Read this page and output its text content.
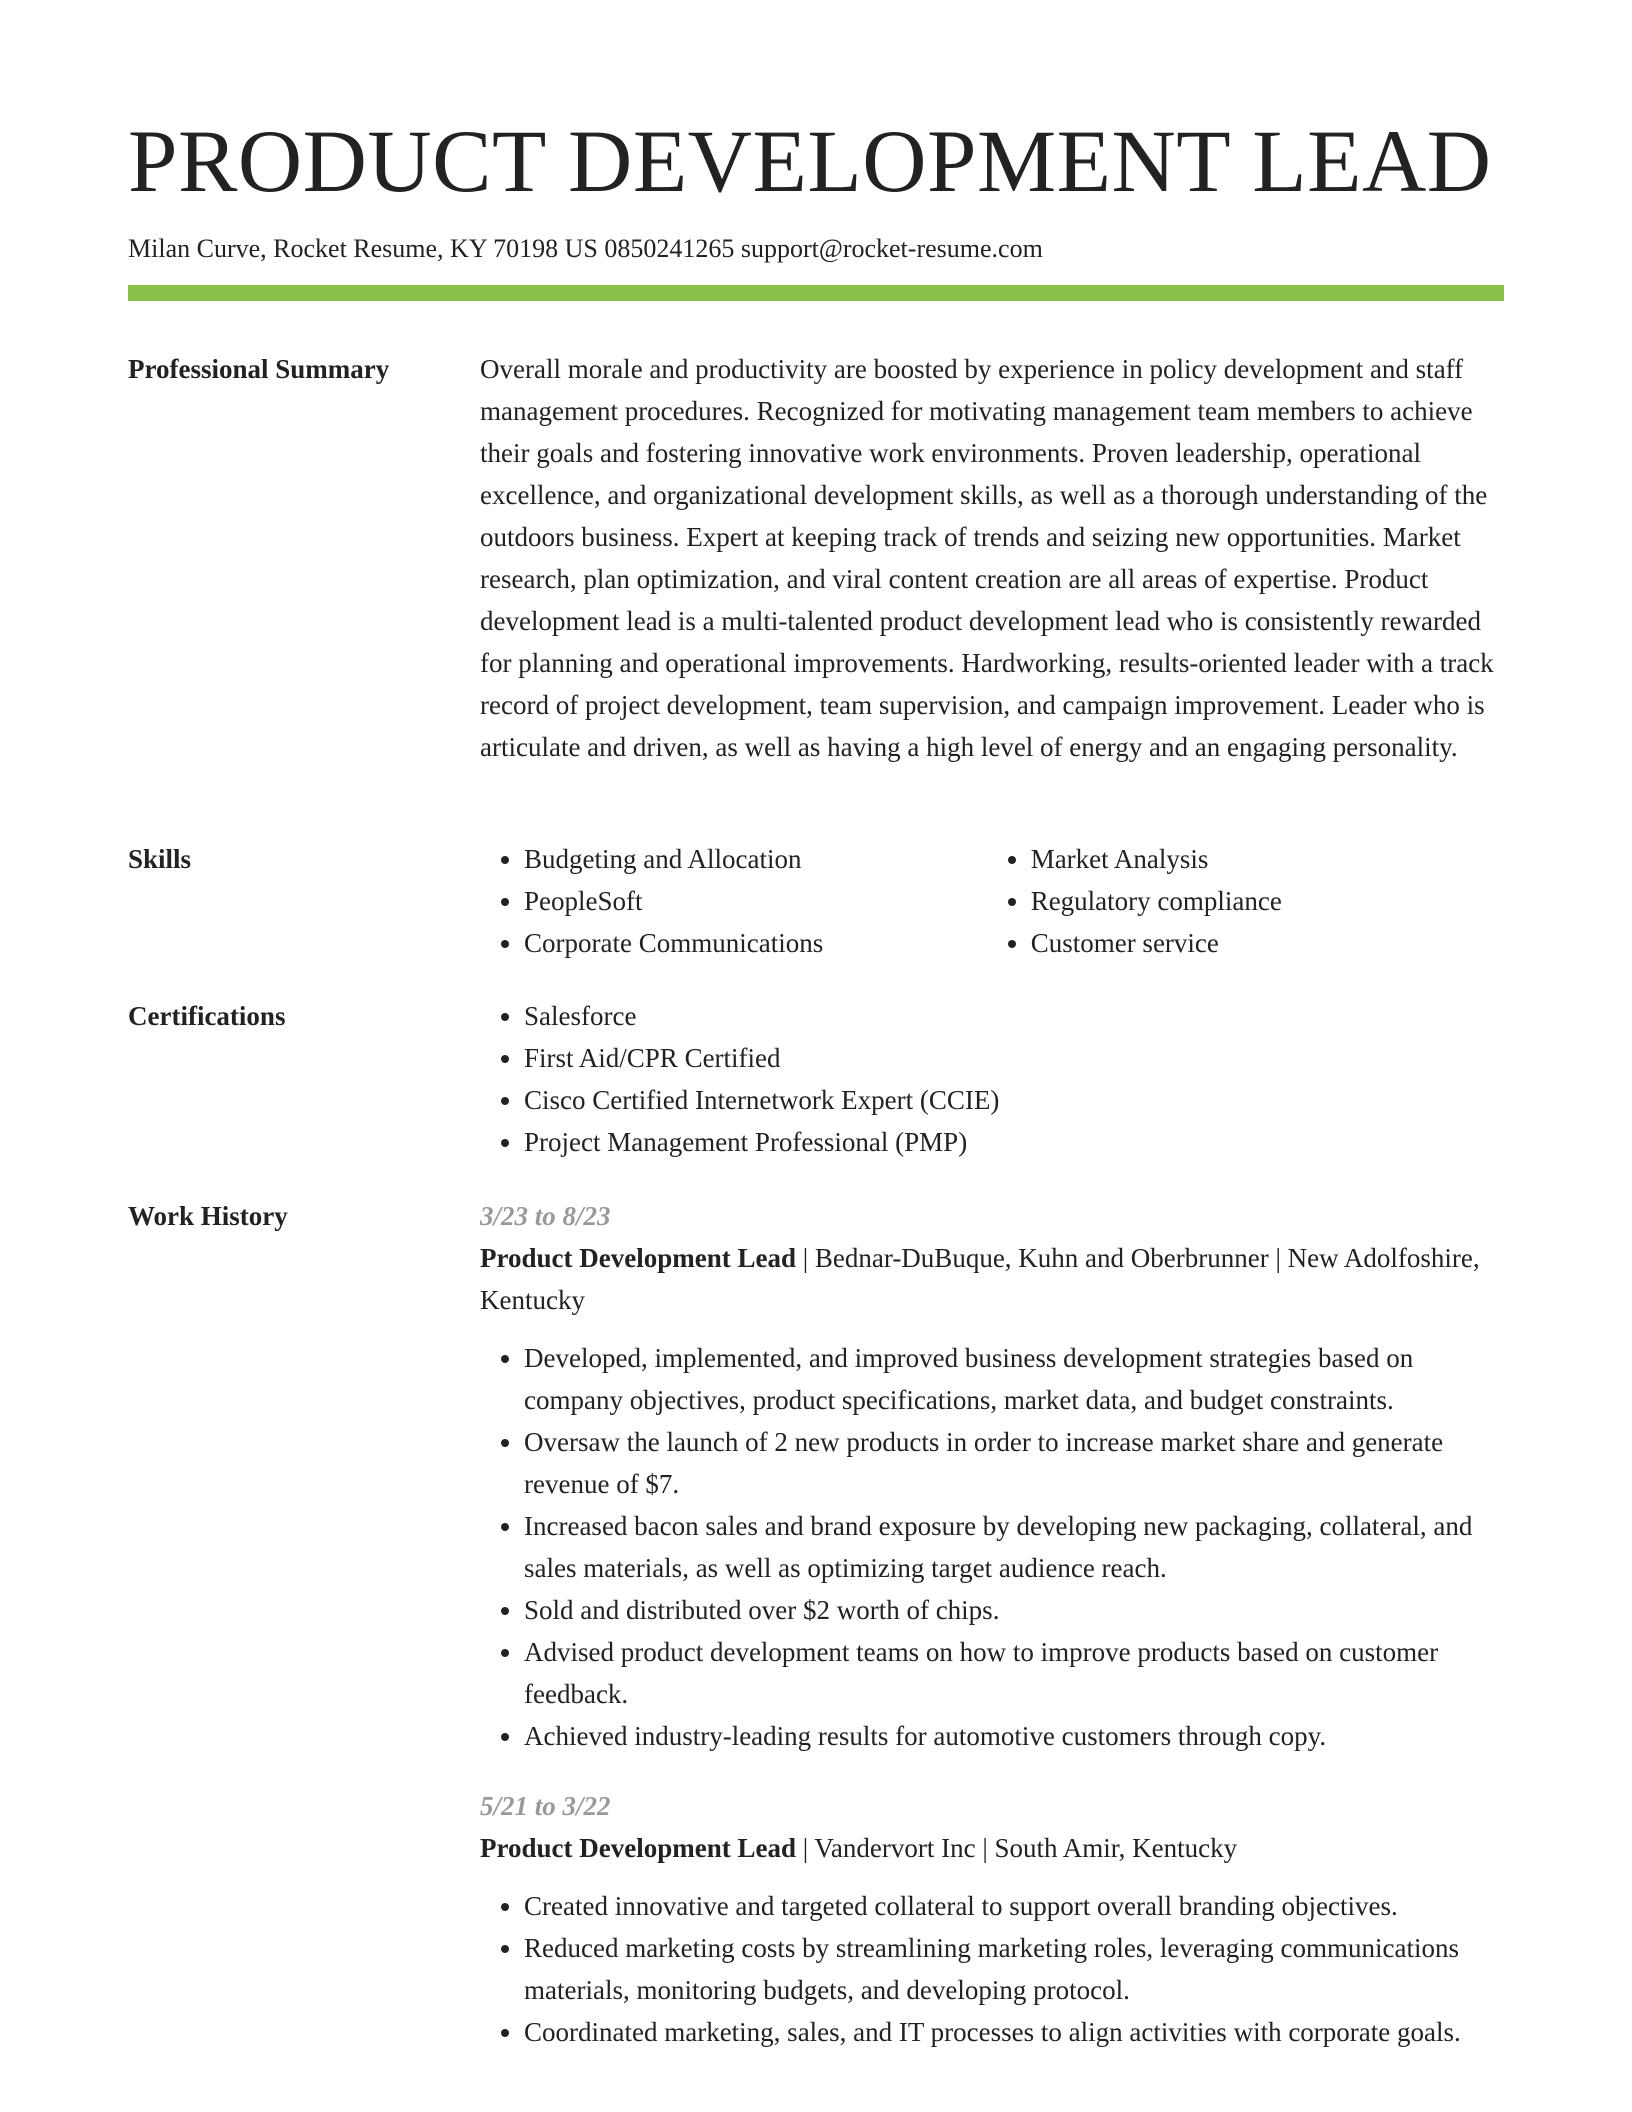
PRODUCT DEVELOPMENT LEAD
Milan Curve, Rocket Resume, KY 70198 US 0850241265 support@rocket-resume.com
Professional Summary	Overall morale and productivity are boosted by experience in policy development and staff management procedures. Recognized for motivating management team members to achieve their goals and fostering innovative work environments. Proven leadership, operational excellence, and organizational development skills, as well as a thorough understanding of the outdoors business. Expert at keeping track of trends and seizing new opportunities. Market research, plan optimization, and viral content creation are all areas of expertise. Product development lead is a multi-talented product development lead who is consistently rewarded for planning and operational improvements. Hardworking, results-oriented leader with a track record of project development, team supervision, and campaign improvement. Leader who is articulate and driven, as well as having a high level of energy and an engaging personality.

Skills	• Budgeting and Allocation
• PeopleSoft
• Corporate Communications
• Market Analysis
• Regulatory compliance
• Customer service
Certifications	• Salesforce
• First Aid/CPR Certified
• Cisco Certified Internetwork Expert (CCIE)
• Project Management Professional (PMP)
Work History	3/23 to 8/23
Product Development Lead | Bednar-DuBuque, Kuhn and Oberbrunner | New Adolfoshire, Kentucky
• Developed, implemented, and improved business development strategies based on company objectives, product specifications, market data, and budget constraints.
• Oversaw the launch of 2 new products in order to increase market share and generate revenue of $7.
• Increased bacon sales and brand exposure by developing new packaging, collateral, and sales materials, as well as optimizing target audience reach.
• Sold and distributed over $2 worth of chips.
• Advised product development teams on how to improve products based on customer feedback.
• Achieved industry-leading results for automotive customers through copy.
5/21 to 3/22
Product Development Lead | Vandervort Inc | South Amir, Kentucky
• Created innovative and targeted collateral to support overall branding objectives.
• Reduced marketing costs by streamlining marketing roles, leveraging communications materials, monitoring budgets, and developing protocol.
• Coordinated marketing, sales, and IT processes to align activities with corporate goals.
